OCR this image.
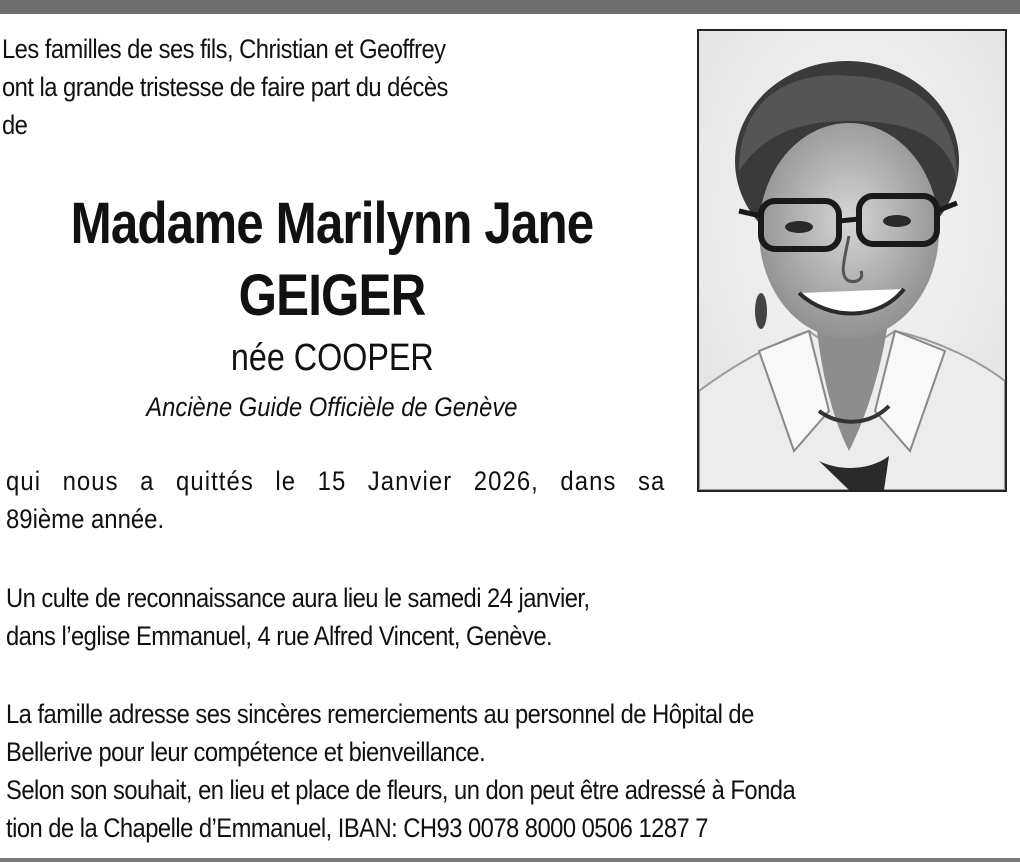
Les familles de ses fils, Christian et Geoffrey
ont la grande tristesse de faire part du décès
de
Madame Marilynn Jane
GEIGER
née COOPER
Anciène Guide Officièle de Genève
qui nous a quittés le 15 Janvier 2026, dans sa
89ième année.
Un culte de reconnaissance aura lieu le samedi 24 janvier,
dans l’eglise Emmanuel, 4 rue Alfred Vincent, Genève.
La famille adresse ses sincères remerciements au personnel de Hôpital de
Bellerive pour leur compétence et bienveillance.
Selon son souhait, en lieu et place de fleurs, un don peut être adressé à Fonda
tion de la Chapelle d’Emmanuel, IBAN: CH93 0078 8000 0506 1287 7
